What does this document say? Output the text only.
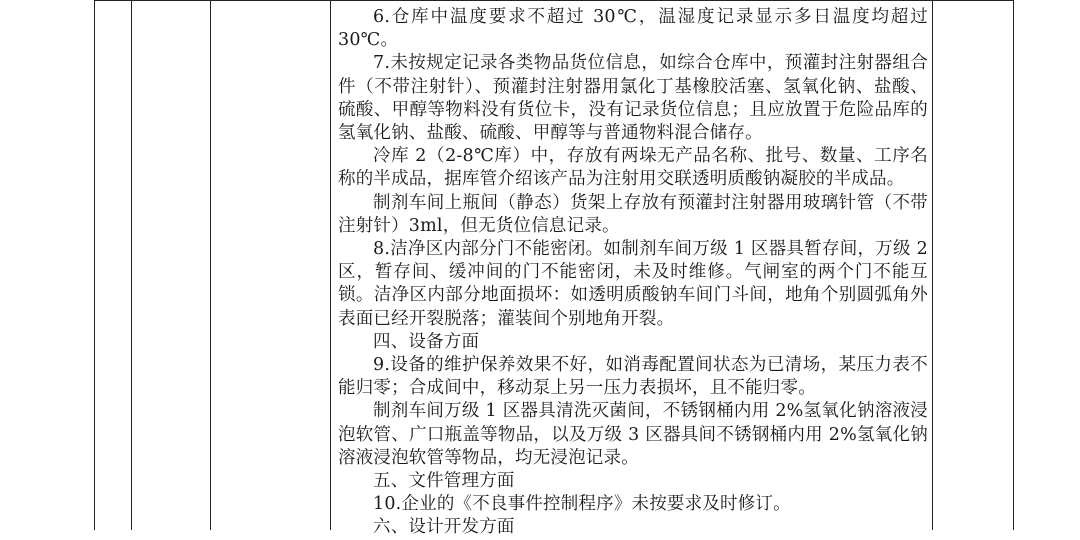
6.仓库中温度要求不超过 30℃，温湿度记录显示多日温度均超过 30℃。

7.未按规定记录各类物品货位信息，如综合仓库中，预灌封注射器组合件（不带注射针）、预灌封注射器用氯化丁基橡胶活塞、氢氧化钠、盐酸、硫酸、甲醇等物料没有货位卡，没有记录货位信息；且应放置于危险品库的氢氧化钠、盐酸、硫酸、甲醇等与普通物料混合储存。

冷库 2（2-8℃库）中，存放有两垛无产品名称、批号、数量、工序名称的半成品，据库管介绍该产品为注射用交联透明质酸钠凝胶的半成品。

制剂车间上瓶间（静态）货架上存放有预灌封注射器用玻璃针管（不带注射针）3ml，但无货位信息记录。

8.洁净区内部分门不能密闭。如制剂车间万级 1 区器具暂存间，万级 2 区，暂存间、缓冲间的门不能密闭，未及时维修。气闸室的两个门不能互锁。洁净区内部分地面损坏：如透明质酸钠车间门斗间，地角个别圆弧角外表面已经开裂脱落；灌装间个别地角开裂。

四、设备方面

9.设备的维护保养效果不好，如消毒配置间状态为已清场，某压力表不能归零；合成间中，移动泵上另一压力表损坏，且不能归零。

制剂车间万级 1 区器具清洗灭菌间，不锈钢桶内用 2%氢氧化钠溶液浸泡软管、广口瓶盖等物品，以及万级 3 区器具间不锈钢桶内用 2%氢氧化钠溶液浸泡软管等物品，均无浸泡记录。

五、文件管理方面

10.企业的《不良事件控制程序》未按要求及时修订。

六、设计开发方面
